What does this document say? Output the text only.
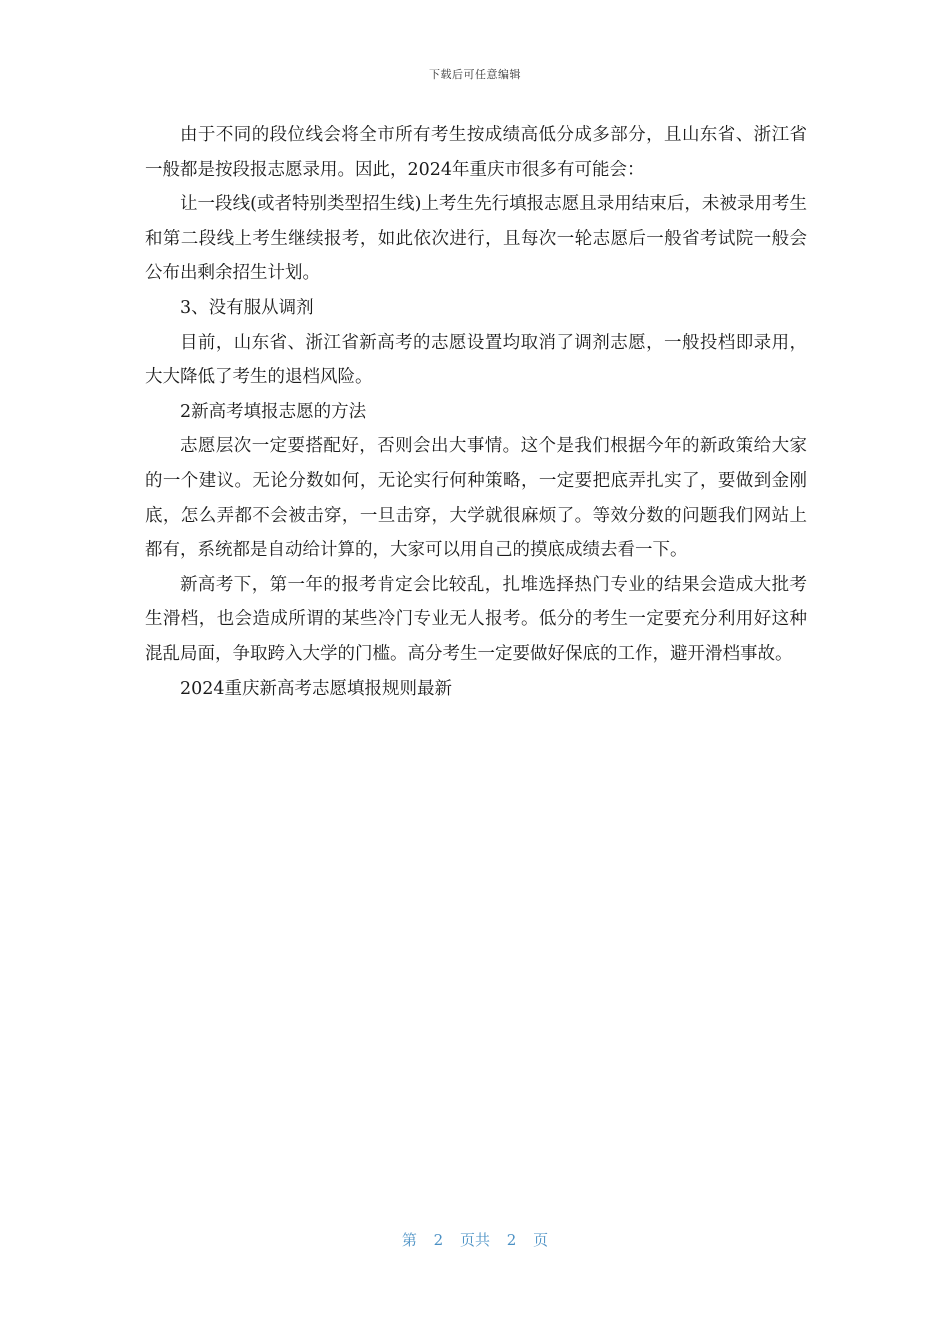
下载后可任意编辑

由于不同的段位线会将全市所有考生按成绩高低分成多部分，且山东省、浙江省一般都是按段报志愿录用。因此，2024年重庆市很多有可能会：

让一段线(或者特别类型招生线)上考生先行填报志愿且录用结束后，未被录用考生和第二段线上考生继续报考，如此依次进行，且每次一轮志愿后一般省考试院一般会公布出剩余招生计划。

3、没有服从调剂

目前，山东省、浙江省新高考的志愿设置均取消了调剂志愿，一般投档即录用，大大降低了考生的退档风险。

2新高考填报志愿的方法

志愿层次一定要搭配好，否则会出大事情。这个是我们根据今年的新政策给大家的一个建议。无论分数如何，无论实行何种策略，一定要把底弄扎实了，要做到金刚底，怎么弄都不会被击穿，一旦击穿，大学就很麻烦了。等效分数的问题我们网站上都有，系统都是自动给计算的，大家可以用自己的摸底成绩去看一下。

新高考下，第一年的报考肯定会比较乱，扎堆选择热门专业的结果会造成大批考生滑档，也会造成所谓的某些冷门专业无人报考。低分的考生一定要充分利用好这种混乱局面，争取跨入大学的门槛。高分考生一定要做好保底的工作，避开滑档事故。

2024重庆新高考志愿填报规则最新

第 2 页共 2 页
